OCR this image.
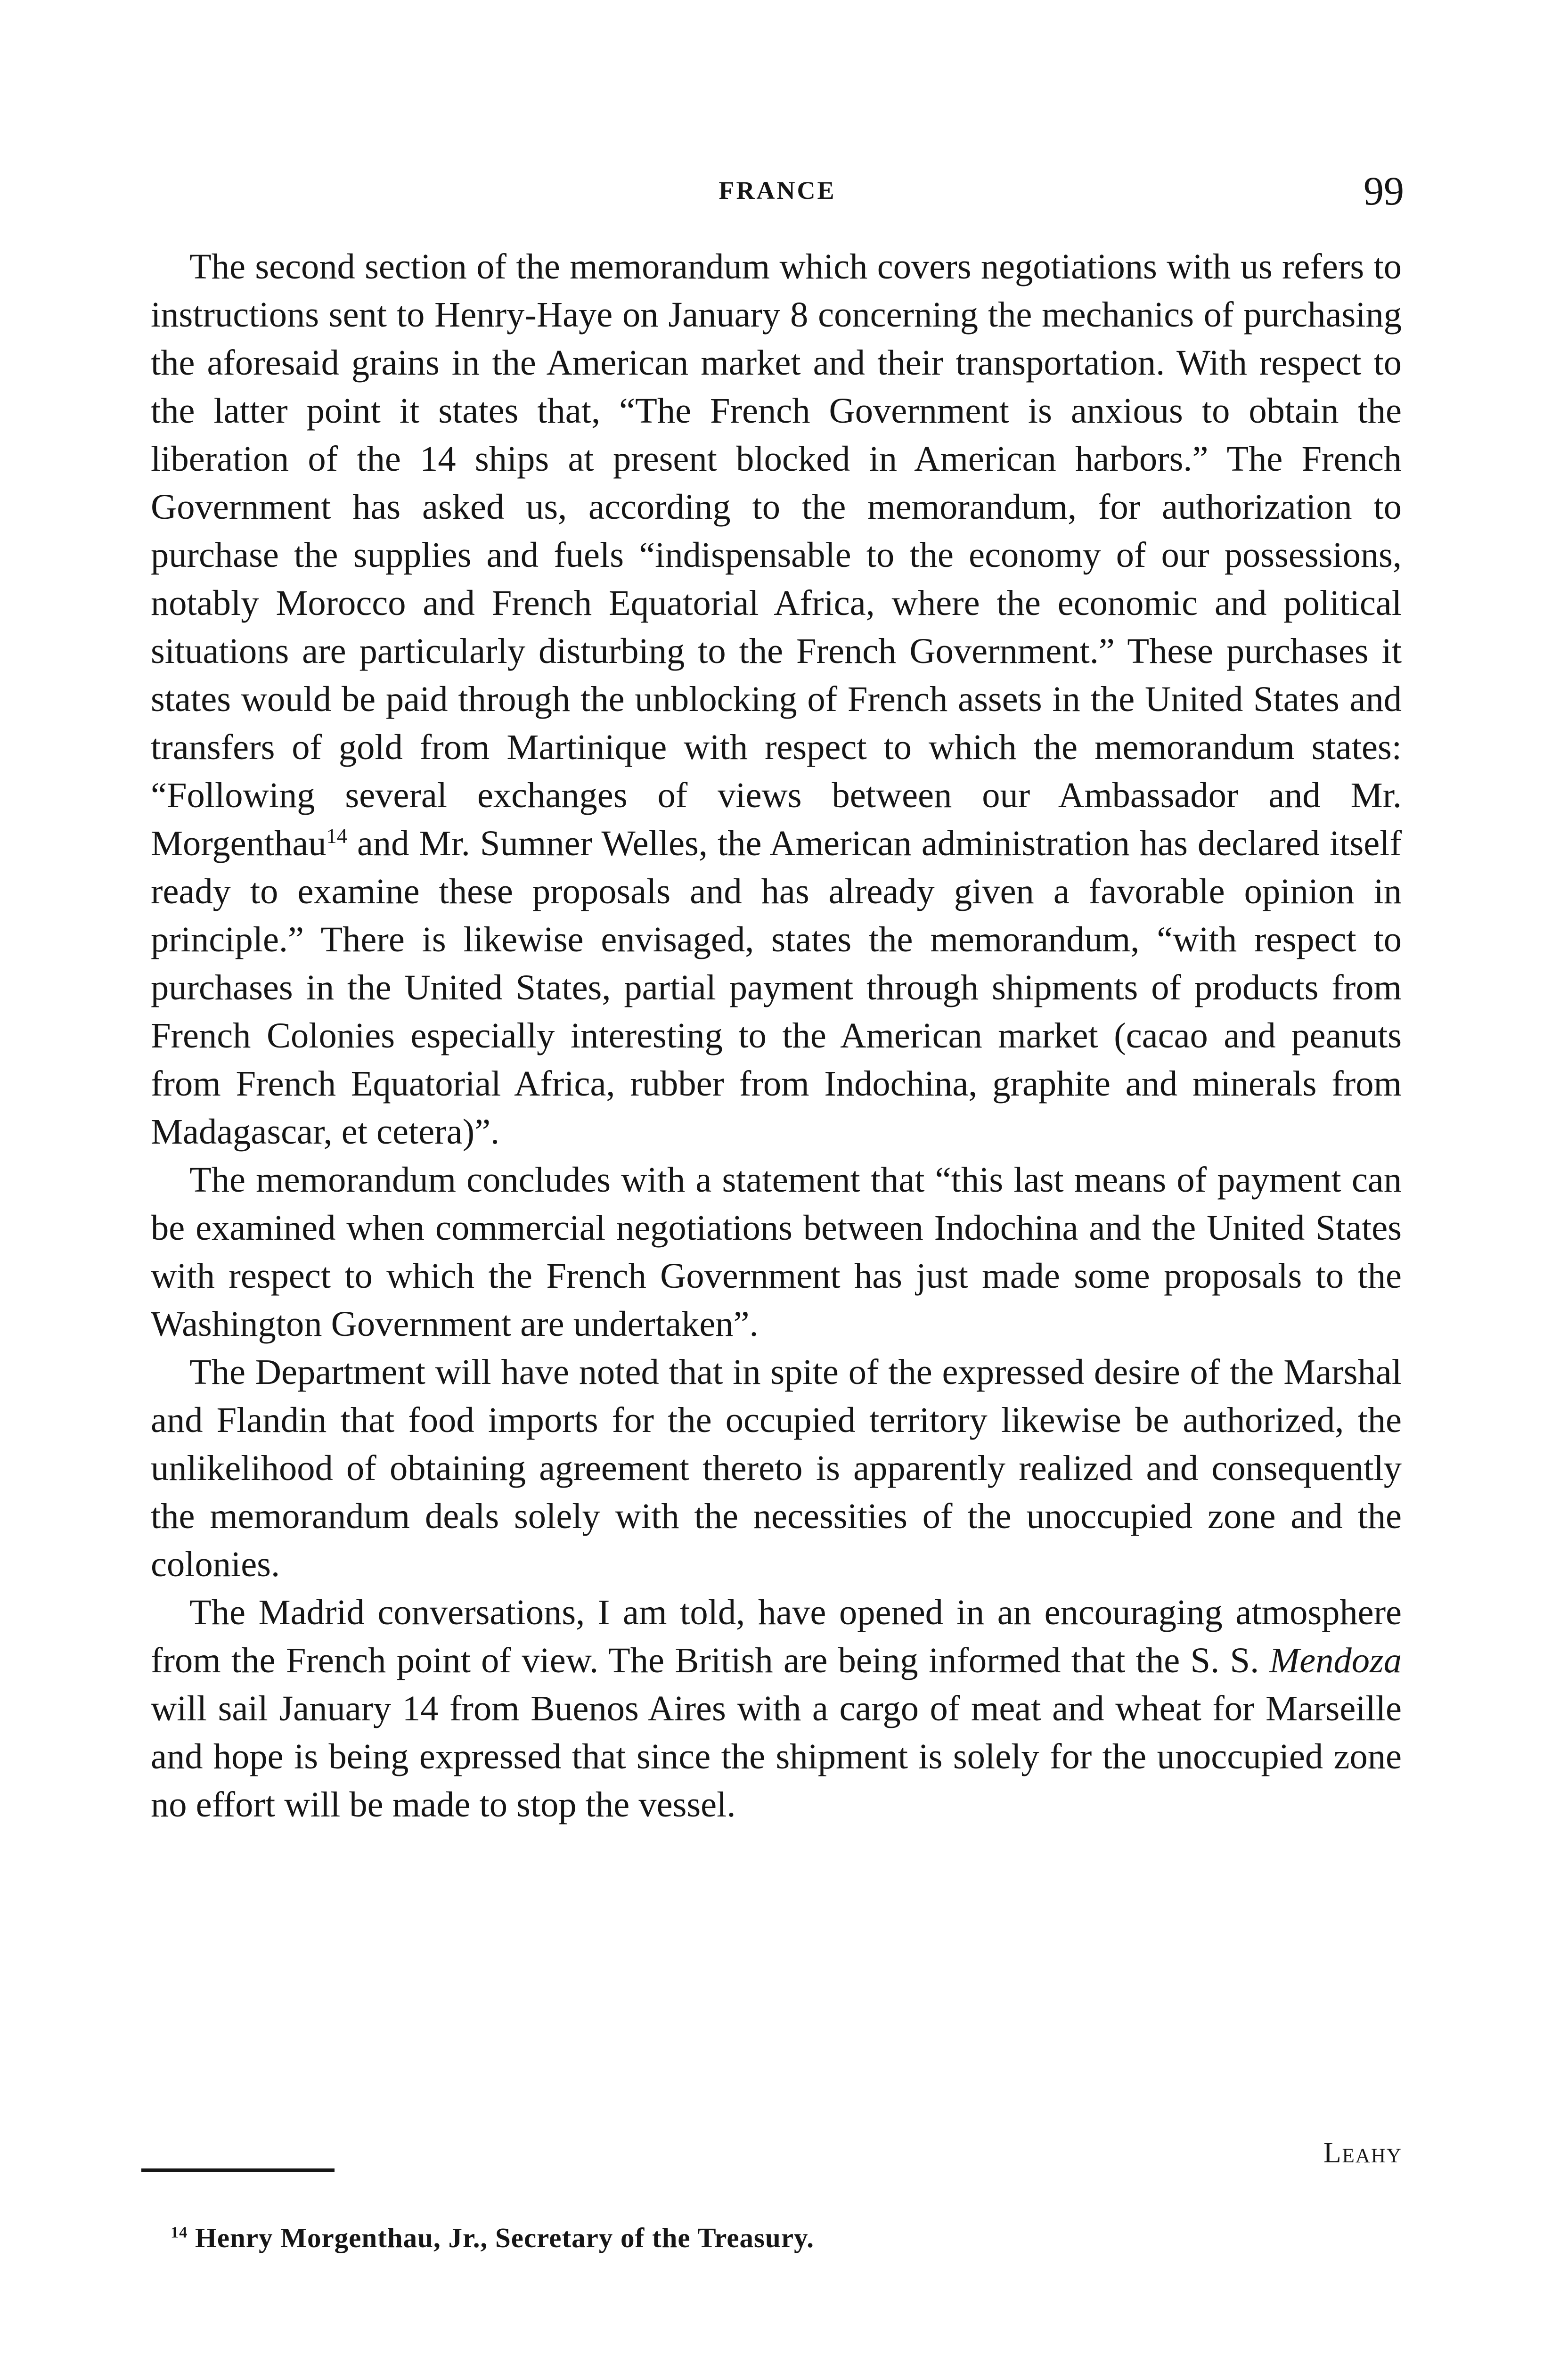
FRANCE	99

The second section of the memorandum which covers negotiations with us refers to instructions sent to Henry-Haye on January 8 concerning the mechanics of purchasing the aforesaid grains in the American market and their transportation. With respect to the latter point it states that, “The French Government is anxious to obtain the liberation of the 14 ships at present blocked in American harbors.” The French Government has asked us, according to the memorandum, for authorization to purchase the supplies and fuels “indispensable to the economy of our possessions, notably Morocco and French Equatorial Africa, where the economic and political situations are particularly disturbing to the French Government.” These purchases it states would be paid through the unblocking of French assets in the United States and transfers of gold from Martinique with respect to which the memorandum states: “Following several exchanges of views between our Ambassador and Mr. Morgenthau$^{14}$ and Mr. Sumner Welles, the American administration has declared itself ready to examine these proposals and has already given a favorable opinion in principle.” There is likewise envisaged, states the memorandum, “with respect to purchases in the United States, partial payment through shipments of products from French Colonies especially interesting to the American market (cacao and peanuts from French Equatorial Africa, rubber from Indochina, graphite and minerals from Madagascar, et cetera)”.

The memorandum concludes with a statement that “this last means of payment can be examined when commercial negotiations between Indochina and the United States with respect to which the French Government has just made some proposals to the Washington Government are undertaken”.

The Department will have noted that in spite of the expressed desire of the Marshal and Flandin that food imports for the occupied territory likewise be authorized, the unlikelihood of obtaining agreement thereto is apparently realized and consequently the memorandum deals solely with the necessities of the unoccupied zone and the colonies.

The Madrid conversations, I am told, have opened in an encouraging atmosphere from the French point of view. The British are being informed that the S. S. Mendoza will sail January 14 from Buenos Aires with a cargo of meat and wheat for Marseille and hope is being expressed that since the shipment is solely for the unoccupied zone no effort will be made to stop the vessel.

Leahy
$^{14}$ Henry Morgenthau, Jr., Secretary of the Treasury.
